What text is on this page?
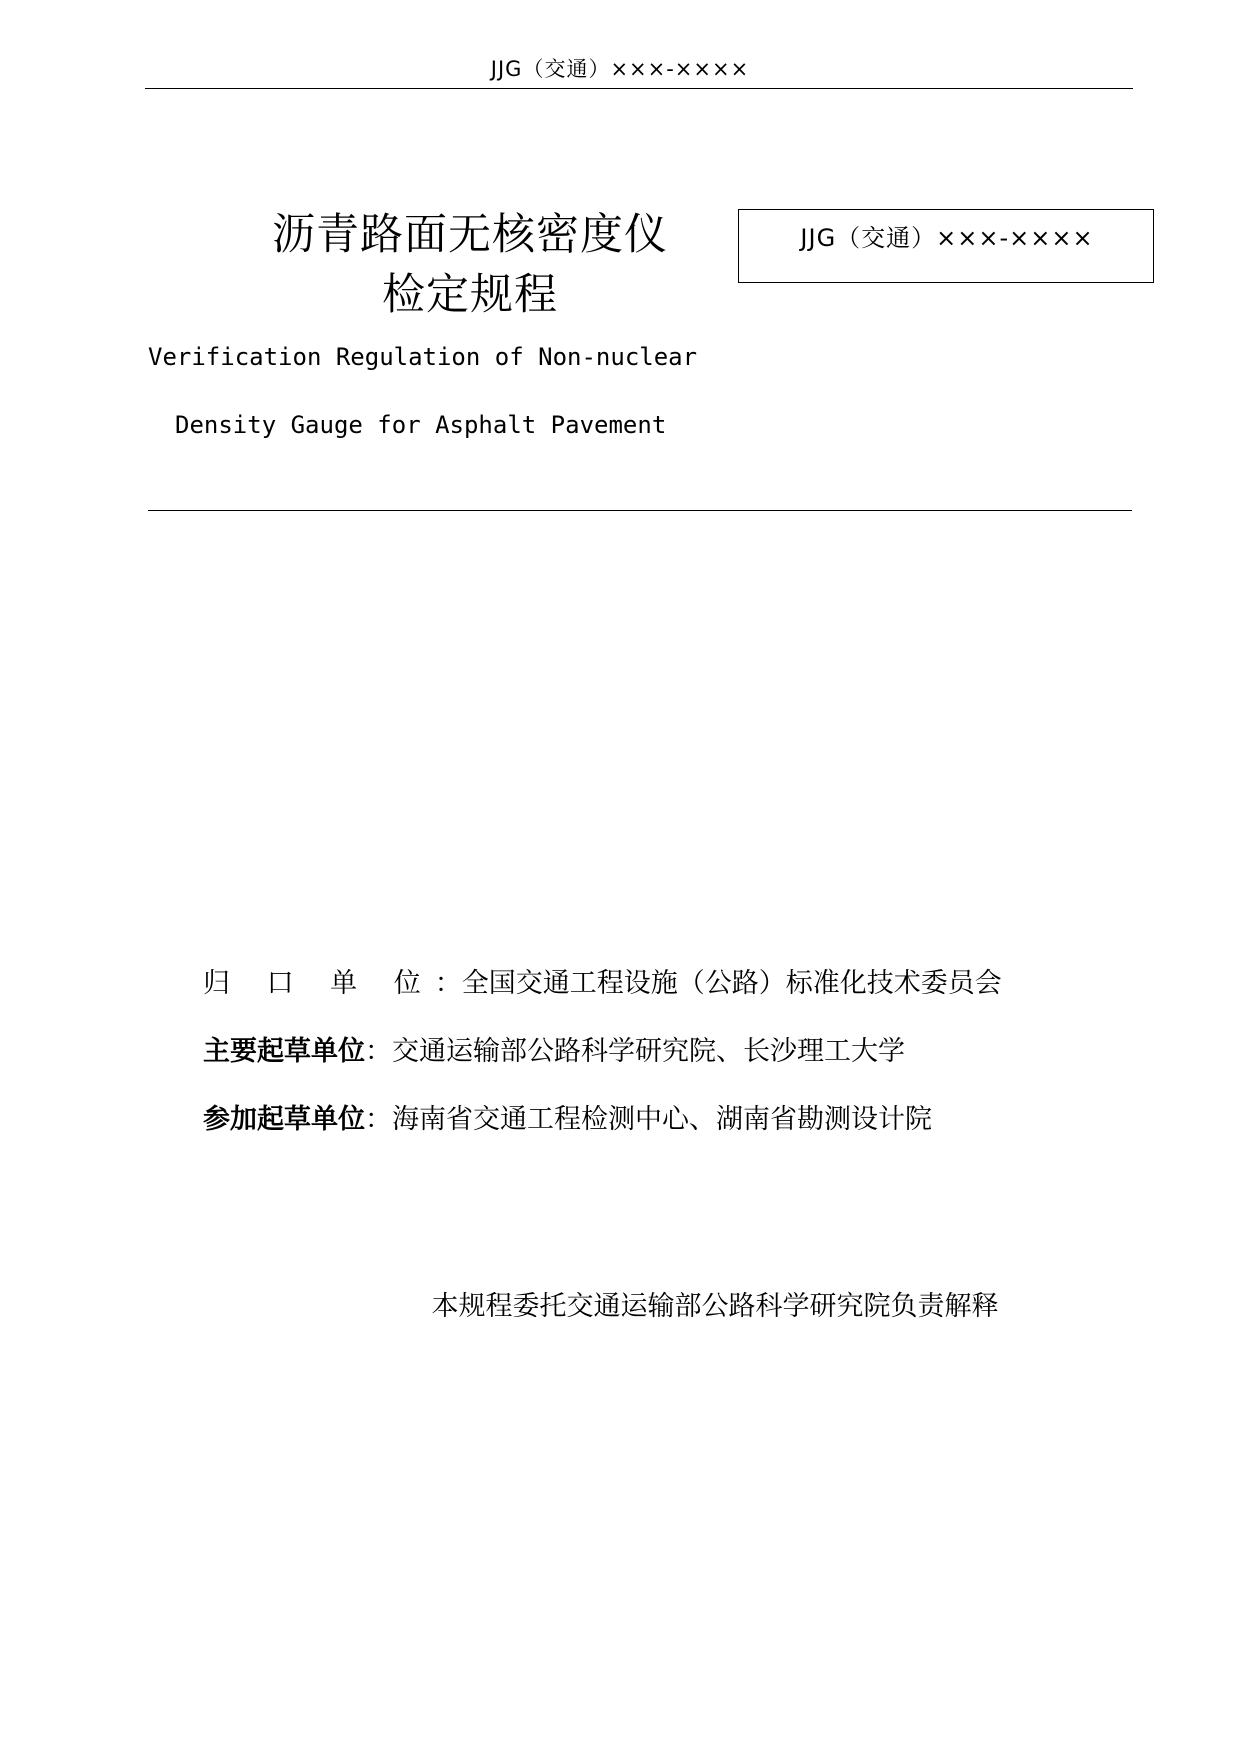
JJG（交通）×××-××××
沥青路面无核密度仪
检定规程
JJG（交通）×××-××××
Verification Regulation of Non-nuclear
Density Gauge for Asphalt Pavement
归 口 单 位 ： 全国交通工程设施（公路）标准化技术委员会
主要起草单位 ： 交通运输部公路科学研究院、长沙理工大学
参加起草单位 ： 海南省交通工程检测中心、湖南省勘测设计院
本规程委托交通运输部公路科学研究院负责解释
